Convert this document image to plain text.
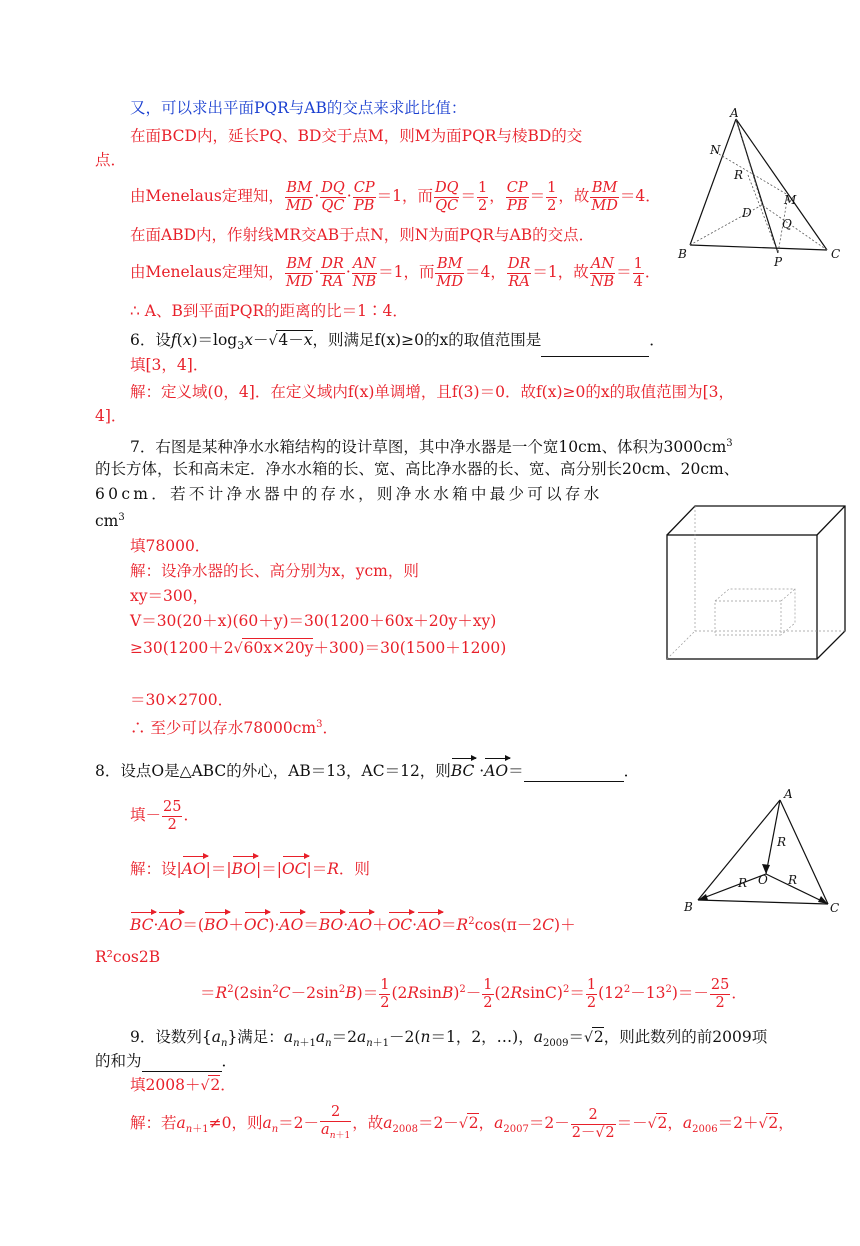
又，可以求出平面PQR与AB的交点来求此比值：
在面BCD内，延长PQ、BD交于点M，则M为面PQR与棱BD的交
点．
由Menelaus定理知， $\frac{BM}{MD} \cdot \frac{DQ}{QC} \cdot \frac{CP}{PB} =1$，而 $\frac{DQ}{QC} = \frac{1}{2}$ ， $\frac{CP}{PB} = \frac{1}{2}$ ，故 $\frac{BM}{MD} =4$．
在面ABD内，作射线MR交AB于点N，则N为面PQR与AB的交点．
由Menelaus定理知， $\frac{BM}{MD} \cdot \frac{DR}{RA} \cdot \frac{AN}{NB} =1$，而 $\frac{BM}{MD} =4$， $\frac{DR}{RA} =1$，故 $\frac{AN}{NB} = \frac{1}{4}$ ．
∴ A、B到平面PQR的距离的比＝1∶4．
A
N
R
D
M
Q
B
P
C
6．设$f(x)=\log_3x-√4-x$，则满足f(x)≥0的x的取值范围是	．
填[3，4]．
解：定义域(0，4]．在定义域内f(x)单调增，且f(3)＝0．故f(x)≥0的x的取值范围为[3，
4]．
7．右图是某种净水水箱结构的设计草图，其中净水器是一个宽10cm、体积为$3000cm^3$
的长方体，长和高未定．净水水箱的长、宽、高比净水器的长、宽、高分别长20cm、20cm、
60cm．若不计净水器中的存水，则净水水箱中最少可以存水
$cm^3$
填78000．
解：设净水器的长、高分别为x，ycm，则
xy＝300，
V＝30(20＋x)(60＋y)＝30(1200＋60x＋20y＋xy)
≥30(1200＋2√60x×20y＋300)＝30(1500＋1200)
＝30×2700．
∴ 至少可以存水$78000cm^3$．
8．设点O是△ABC的外心，AB＝13，AC＝12，则BC ·AO＝	．
填－ $\frac{25}{2}$ ．
解：设|AO|＝|BO|＝|OC|＝R．则
$BC\cdot AO=(BO+OC)\cdot AO=BO\cdot AO+OC\cdot AO=R^2\cos(\pi-2C)+$
R²cos2B
$=R^2(2\sin^2C-2\sin^2B)= \frac{1}{2} (2RsinB)^2- \frac{1}{2} (2RsinC)^2= \frac{1}{2} (12^2-13^2)=- \frac{25}{2}$ ．
A
R
O
R	R
B	C
9．设数列$\{a_n\}$满足：$a_{n+1}a_n=2a_{n+1}-2(n=1$，2，…)，$a_{2009}=√2$，则此数列的前2009项
的和为	．
填2008＋√2．
解：若$a_{n+1}\ne 0$，则$a_n=2- \frac{2}{a_{n+1}}$ ，故$a_{2008}=2-√2$，$a_{2007}=2- \frac{2}{2-√2} =-√2$，$a_{2006}=2+√2$，
